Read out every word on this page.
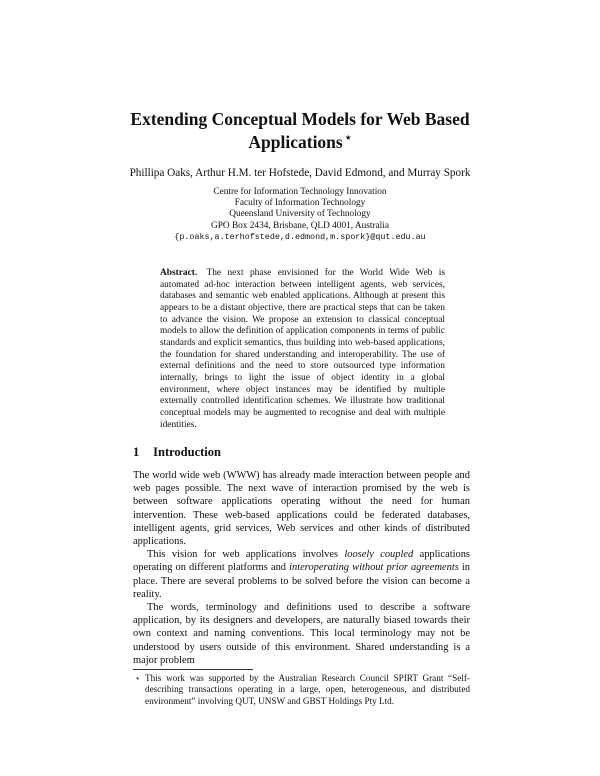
Extending Conceptual Models for Web Based Applications ⋆
Phillipa Oaks, Arthur H.M. ter Hofstede, David Edmond, and Murray Spork
Centre for Information Technology Innovation
Faculty of Information Technology
Queensland University of Technology
GPO Box 2434, Brisbane, QLD 4001, Australia
{p.oaks,a.terhofstede,d.edmond,m.spork}@qut.edu.au
Abstract. The next phase envisioned for the World Wide Web is automated ad-hoc interaction between intelligent agents, web services, databases and semantic web enabled applications. Although at present this appears to be a distant objective, there are practical steps that can be taken to advance the vision. We propose an extension to classical conceptual models to allow the definition of application components in terms of public standards and explicit semantics, thus building into web-based applications, the foundation for shared understanding and interoperability. The use of external definitions and the need to store outsourced type information internally, brings to light the issue of object identity in a global environment, where object instances may be identified by multiple externally controlled identification schemes. We illustrate how traditional conceptual models may be augmented to recognise and deal with multiple identities.
1 Introduction

The world wide web (WWW) has already made interaction between people and web pages possible. The next wave of interaction promised by the web is between software applications operating without the need for human intervention. These web-based applications could be federated databases, intelligent agents, grid services, Web services and other kinds of distributed applications.

This vision for web applications involves loosely coupled applications operating on different platforms and interoperating without prior agreements in place. There are several problems to be solved before the vision can become a reality.

The words, terminology and definitions used to describe a software application, by its designers and developers, are naturally biased towards their own context and naming conventions. This local terminology may not be understood by users outside of this environment. Shared understanding is a major problem

⋆ This work was supported by the Australian Research Council SPIRT Grant “Self-describing transactions operating in a large, open, heterogeneous, and distributed environment” involving QUT, UNSW and GBST Holdings Pty Ltd.
